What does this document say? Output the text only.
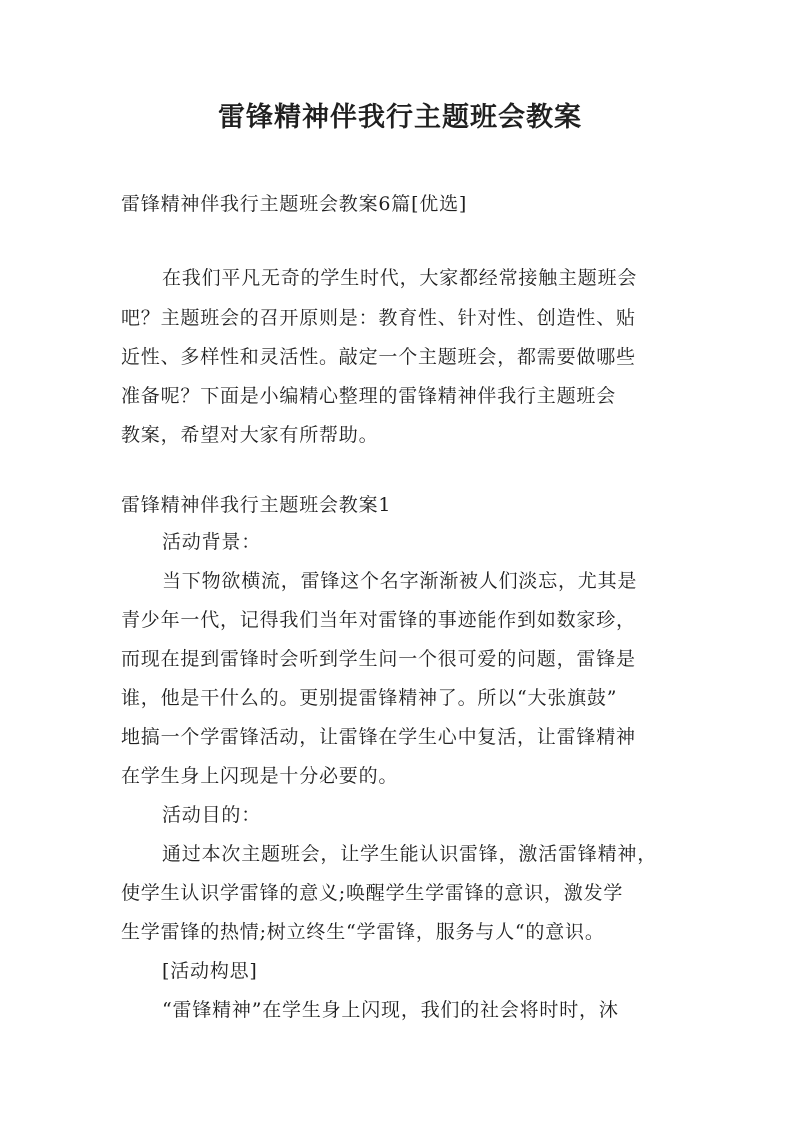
雷锋精神伴我行主题班会教案
雷锋精神伴我行主题班会教案6篇[优选]
在我们平凡无奇的学生时代，大家都经常接触主题班会
吧？主题班会的召开原则是：教育性、针对性、创造性、贴
近性、多样性和灵活性。敲定一个主题班会，都需要做哪些
准备呢？下面是小编精心整理的雷锋精神伴我行主题班会
教案，希望对大家有所帮助。
雷锋精神伴我行主题班会教案1
活动背景：
当下物欲横流，雷锋这个名字渐渐被人们淡忘，尤其是
青少年一代，记得我们当年对雷锋的事迹能作到如数家珍，
而现在提到雷锋时会听到学生问一个很可爱的问题，雷锋是
谁，他是干什么的。更别提雷锋精神了。所以“大张旗鼓”
地搞一个学雷锋活动，让雷锋在学生心中复活，让雷锋精神
在学生身上闪现是十分必要的。
活动目的：
通过本次主题班会，让学生能认识雷锋，激活雷锋精神，
使学生认识学雷锋的意义;唤醒学生学雷锋的意识，激发学
生学雷锋的热情;树立终生“学雷锋，服务与人“的意识。
[活动构思]
“雷锋精神”在学生身上闪现，我们的社会将时时，沐
